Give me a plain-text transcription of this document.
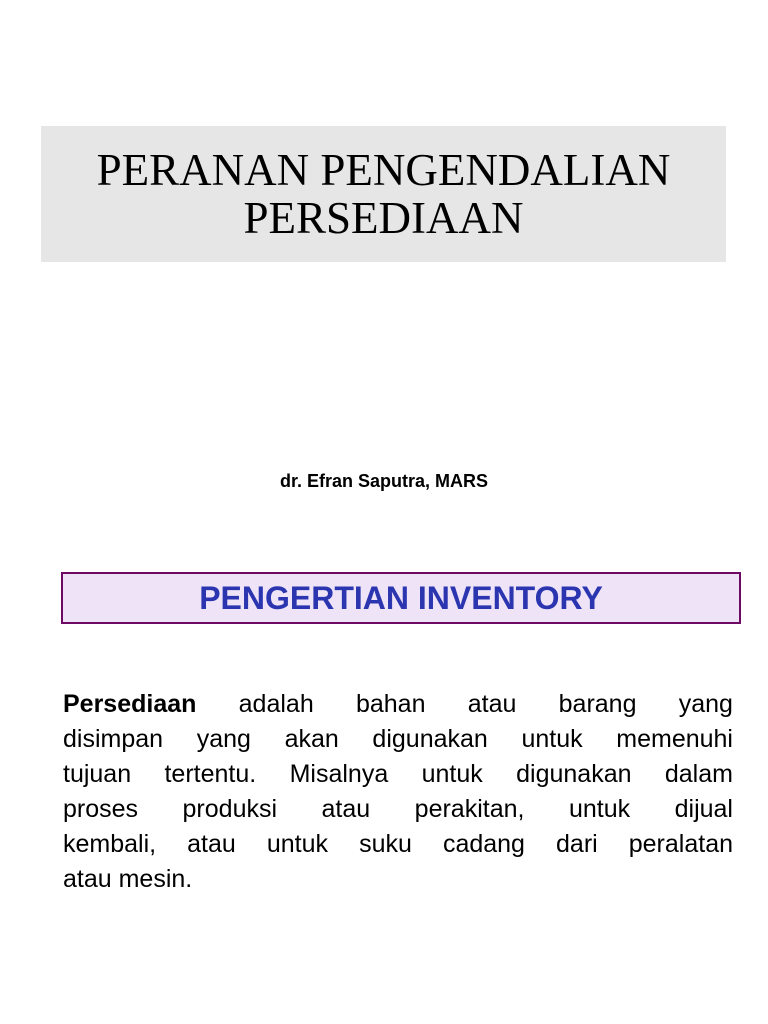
PERANAN PENGENDALIAN
PERSEDIAAN
dr. Efran Saputra, MARS
PENGERTIAN INVENTORY
Persediaan adalah bahan atau barang yang
disimpan yang akan digunakan untuk memenuhi
tujuan tertentu. Misalnya untuk digunakan dalam
proses produksi atau perakitan, untuk dijual
kembali, atau untuk suku cadang dari peralatan
atau mesin.
